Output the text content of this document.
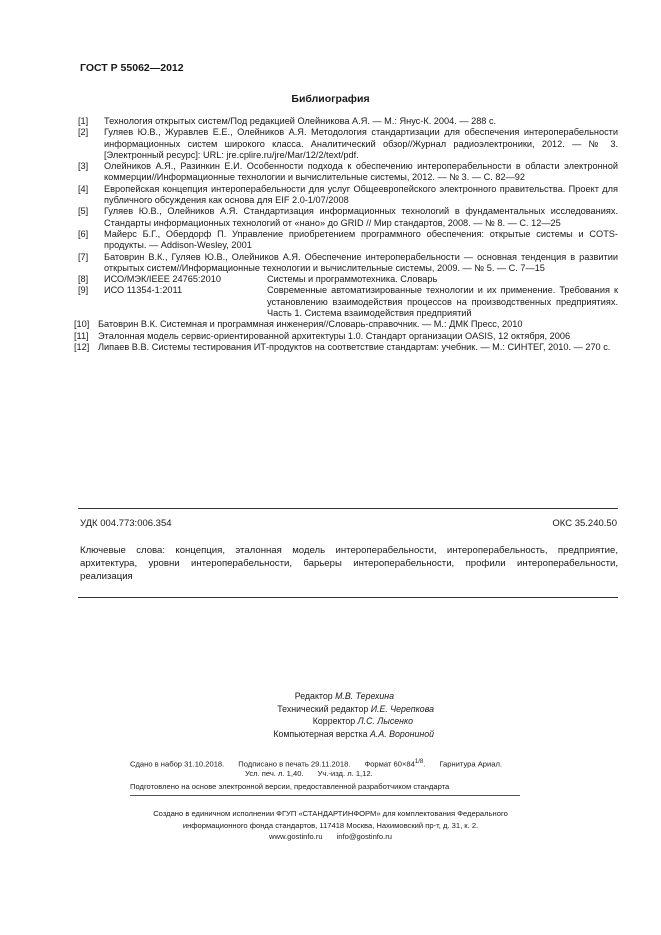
ГОСТ Р 55062—2012
Библиография
[1]	Технология открытых систем/Под редакцией Олейникова А.Я. — М.: Янус-К. 2004. — 288 с.
[2]	Гуляев Ю.В., Журавлев Е.Е., Олейников А.Я. Методология стандартизации для обеспечения интероперабельности информационных систем широкого класса. Аналитический обзор//Журнал радиоэлектроники, 2012. — № 3. [Электронный ресурс]: URL: jre.cplire.ru/jre/Mar/12/2/text/pdf.
[3]	Олейников А.Я., Разинкин Е.И. Особенности подхода к обеспечению интероперабельности в области электронной коммерции//Информационные технологии и вычислительные системы, 2012. — № 3. — С. 82—92
[4]	Европейская концепция интероперабельности для услуг Общеевропейского электронного правительства. Проект для публичного обсуждения как основа для EIF 2.0-1/07/2008
[5]	Гуляев Ю.В., Олейников А.Я. Стандартизация информационных технологий в фундаментальных исследованиях. Стандарты информационных технологий от «нано» до GRID // Мир стандартов, 2008. — № 8. — С. 12—25
[6]	Майерс Б.Г., Обердорф П. Управление приобретением программного обеспечения: открытые системы и COTS-продукты. — Addison-Wesley, 2001
[7]	Батоврин В.К., Гуляев Ю.В., Олейников А.Я. Обеспечение интероперабельности — основная тенденция в развитии открытых систем//Информационные технологии и вычислительные системы, 2009. — № 5. — С. 7—15
[8]	ИСО/МЭК/IEEE 24765:2010	Системы и программотехника. Словарь
[9]	ИСО 11354-1:2011	Современные автоматизированные технологии и их применение. Требования к установлению взаимодействия процессов на производственных предприятиях. Часть 1. Система взаимодействия предприятий
[10] Батоврин В.К. Системная и программная инженерия//Словарь-справочник. — М.: ДМК Пресс, 2010
[11]	Эталонная модель сервис-ориентированной архитектуры 1.0. Стандарт организации OASIS, 12 октября, 2006
[12] Липаев В.В. Системы тестирования ИТ-продуктов на соответствие стандартам: учебник. — М.: СИНТЕГ, 2010. — 270 с.
УДК 004.773:006.354	ОКС 35.240.50
Ключевые слова: концепция, эталонная модель интероперабельности, интероперабельность, предприятие, архитектура, уровни интероперабельности, барьеры интероперабельности, профили интероперабельности, реализация
Редактор М.В. Терехина
Технический редактор И.Е. Черепкова
Корректор Л.С. Лысенко
Компьютерная верстка А.А. Ворониной
Сдано в набор 31.10.2018. Подписано в печать 29.11.2018. Формат $60\times 84^{1/8}$. Гарнитура Ариал.
Усл. печ. л. 1,40. Уч.-изд. л. 1,12.
Подготовлено на основе электронной версии, предоставленной разработчиком стандарта
Создано в единичном исполнении ФГУП «СТАНДАРТИНФОРМ» для комплектования Федерального
информационного фонда стандартов, 117418 Москва, Нахимовский пр-т, д. 31, к. 2.
www.gostinfo.ru info@gostinfo.ru
